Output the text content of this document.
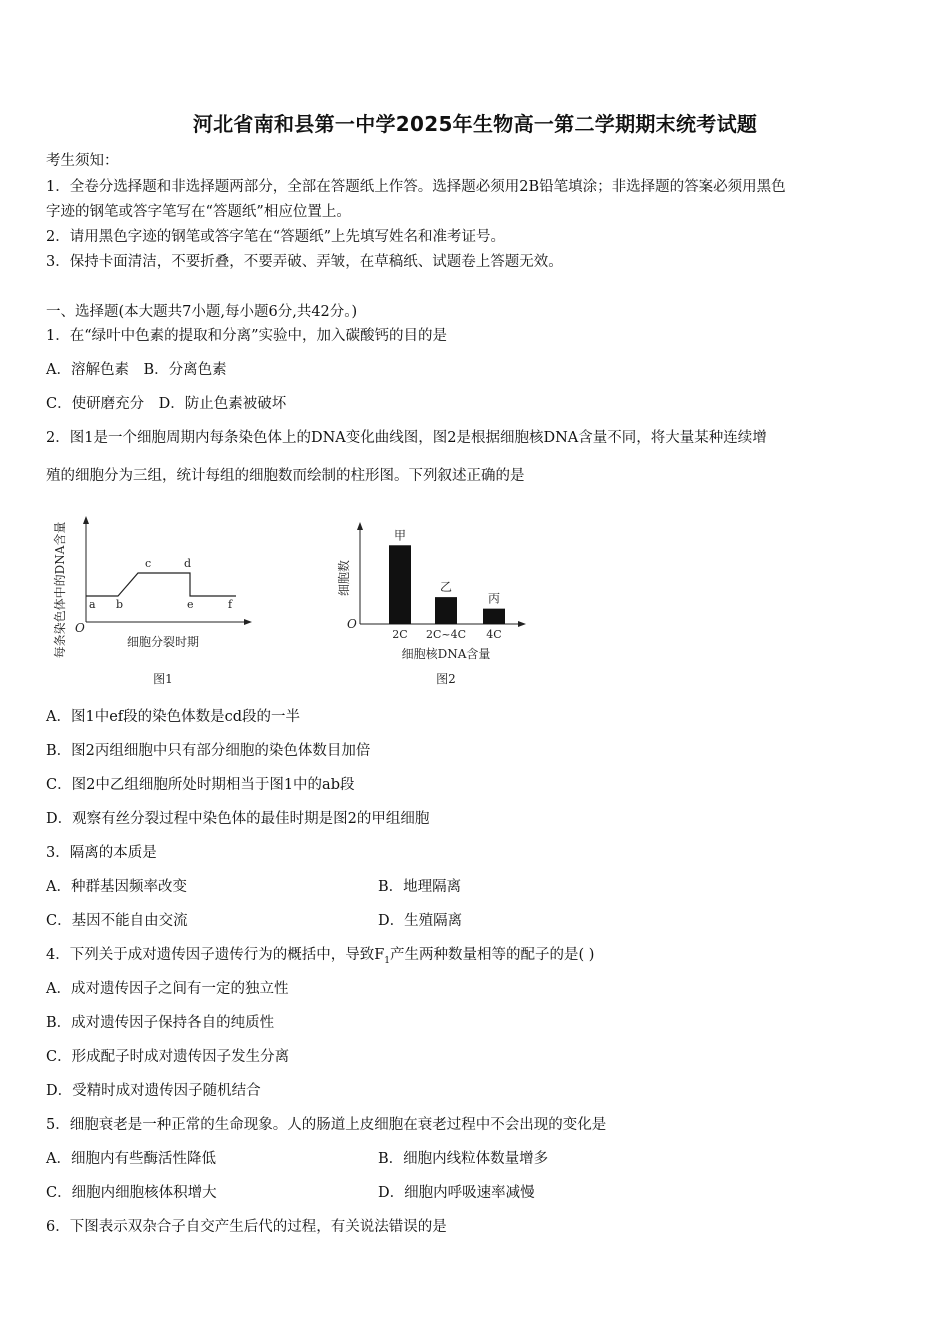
河北省南和县第一中学2025年生物高一第二学期期末统考试题
考生须知：
1．全卷分选择题和非选择题两部分，全部在答题纸上作答。选择题必须用2B铅笔填涂；非选择题的答案必须用黑色
字迹的钢笔或答字笔写在“答题纸”相应位置上。
2．请用黑色字迹的钢笔或答字笔在“答题纸”上先填写姓名和准考证号。
3．保持卡面清洁，不要折叠，不要弄破、弄皱，在草稿纸、试题卷上答题无效。
一、选择题(本大题共7小题,每小题6分,共42分。)
1．在“绿叶中色素的提取和分离”实验中，加入碳酸钙的目的是
A．溶解色素　B．分离色素
C．使研磨充分　D．防止色素被破坏
2．图1是一个细胞周期内每条染色体上的DNA变化曲线图，图2是根据细胞核DNA含量不同，将大量某种连续增
殖的细胞分为三组，统计每组的细胞数而绘制的柱形图。下列叙述正确的是
每条染色体中的DNA含量 O
a b
c	d
e	f
细胞分裂时期
图1
细胞数
O
甲
2C
乙
2C~4C
丙
4C
细胞核DNA含量
图2
A．图1中ef段的染色体数是cd段的一半
B．图2丙组细胞中只有部分细胞的染色体数目加倍
C．图2中乙组细胞所处时期相当于图1中的ab段
D．观察有丝分裂过程中染色体的最佳时期是图2的甲组细胞
3．隔离的本质是
A．种群基因频率改变	B．地理隔离
C．基因不能自由交流	D．生殖隔离
4．下列关于成对遗传因子遗传行为的概括中，导致$F_1$产生两种数量相等的配子的是( )
A．成对遗传因子之间有一定的独立性
B．成对遗传因子保持各自的纯质性
C．形成配子时成对遗传因子发生分离
D．受精时成对遗传因子随机结合
5．细胞衰老是一种正常的生命现象。人的肠道上皮细胞在衰老过程中不会出现的变化是
A．细胞内有些酶活性降低	B．细胞内线粒体数量增多
C．细胞内细胞核体积增大	D．细胞内呼吸速率减慢
6．下图表示双杂合子自交产生后代的过程，有关说法错误的是
